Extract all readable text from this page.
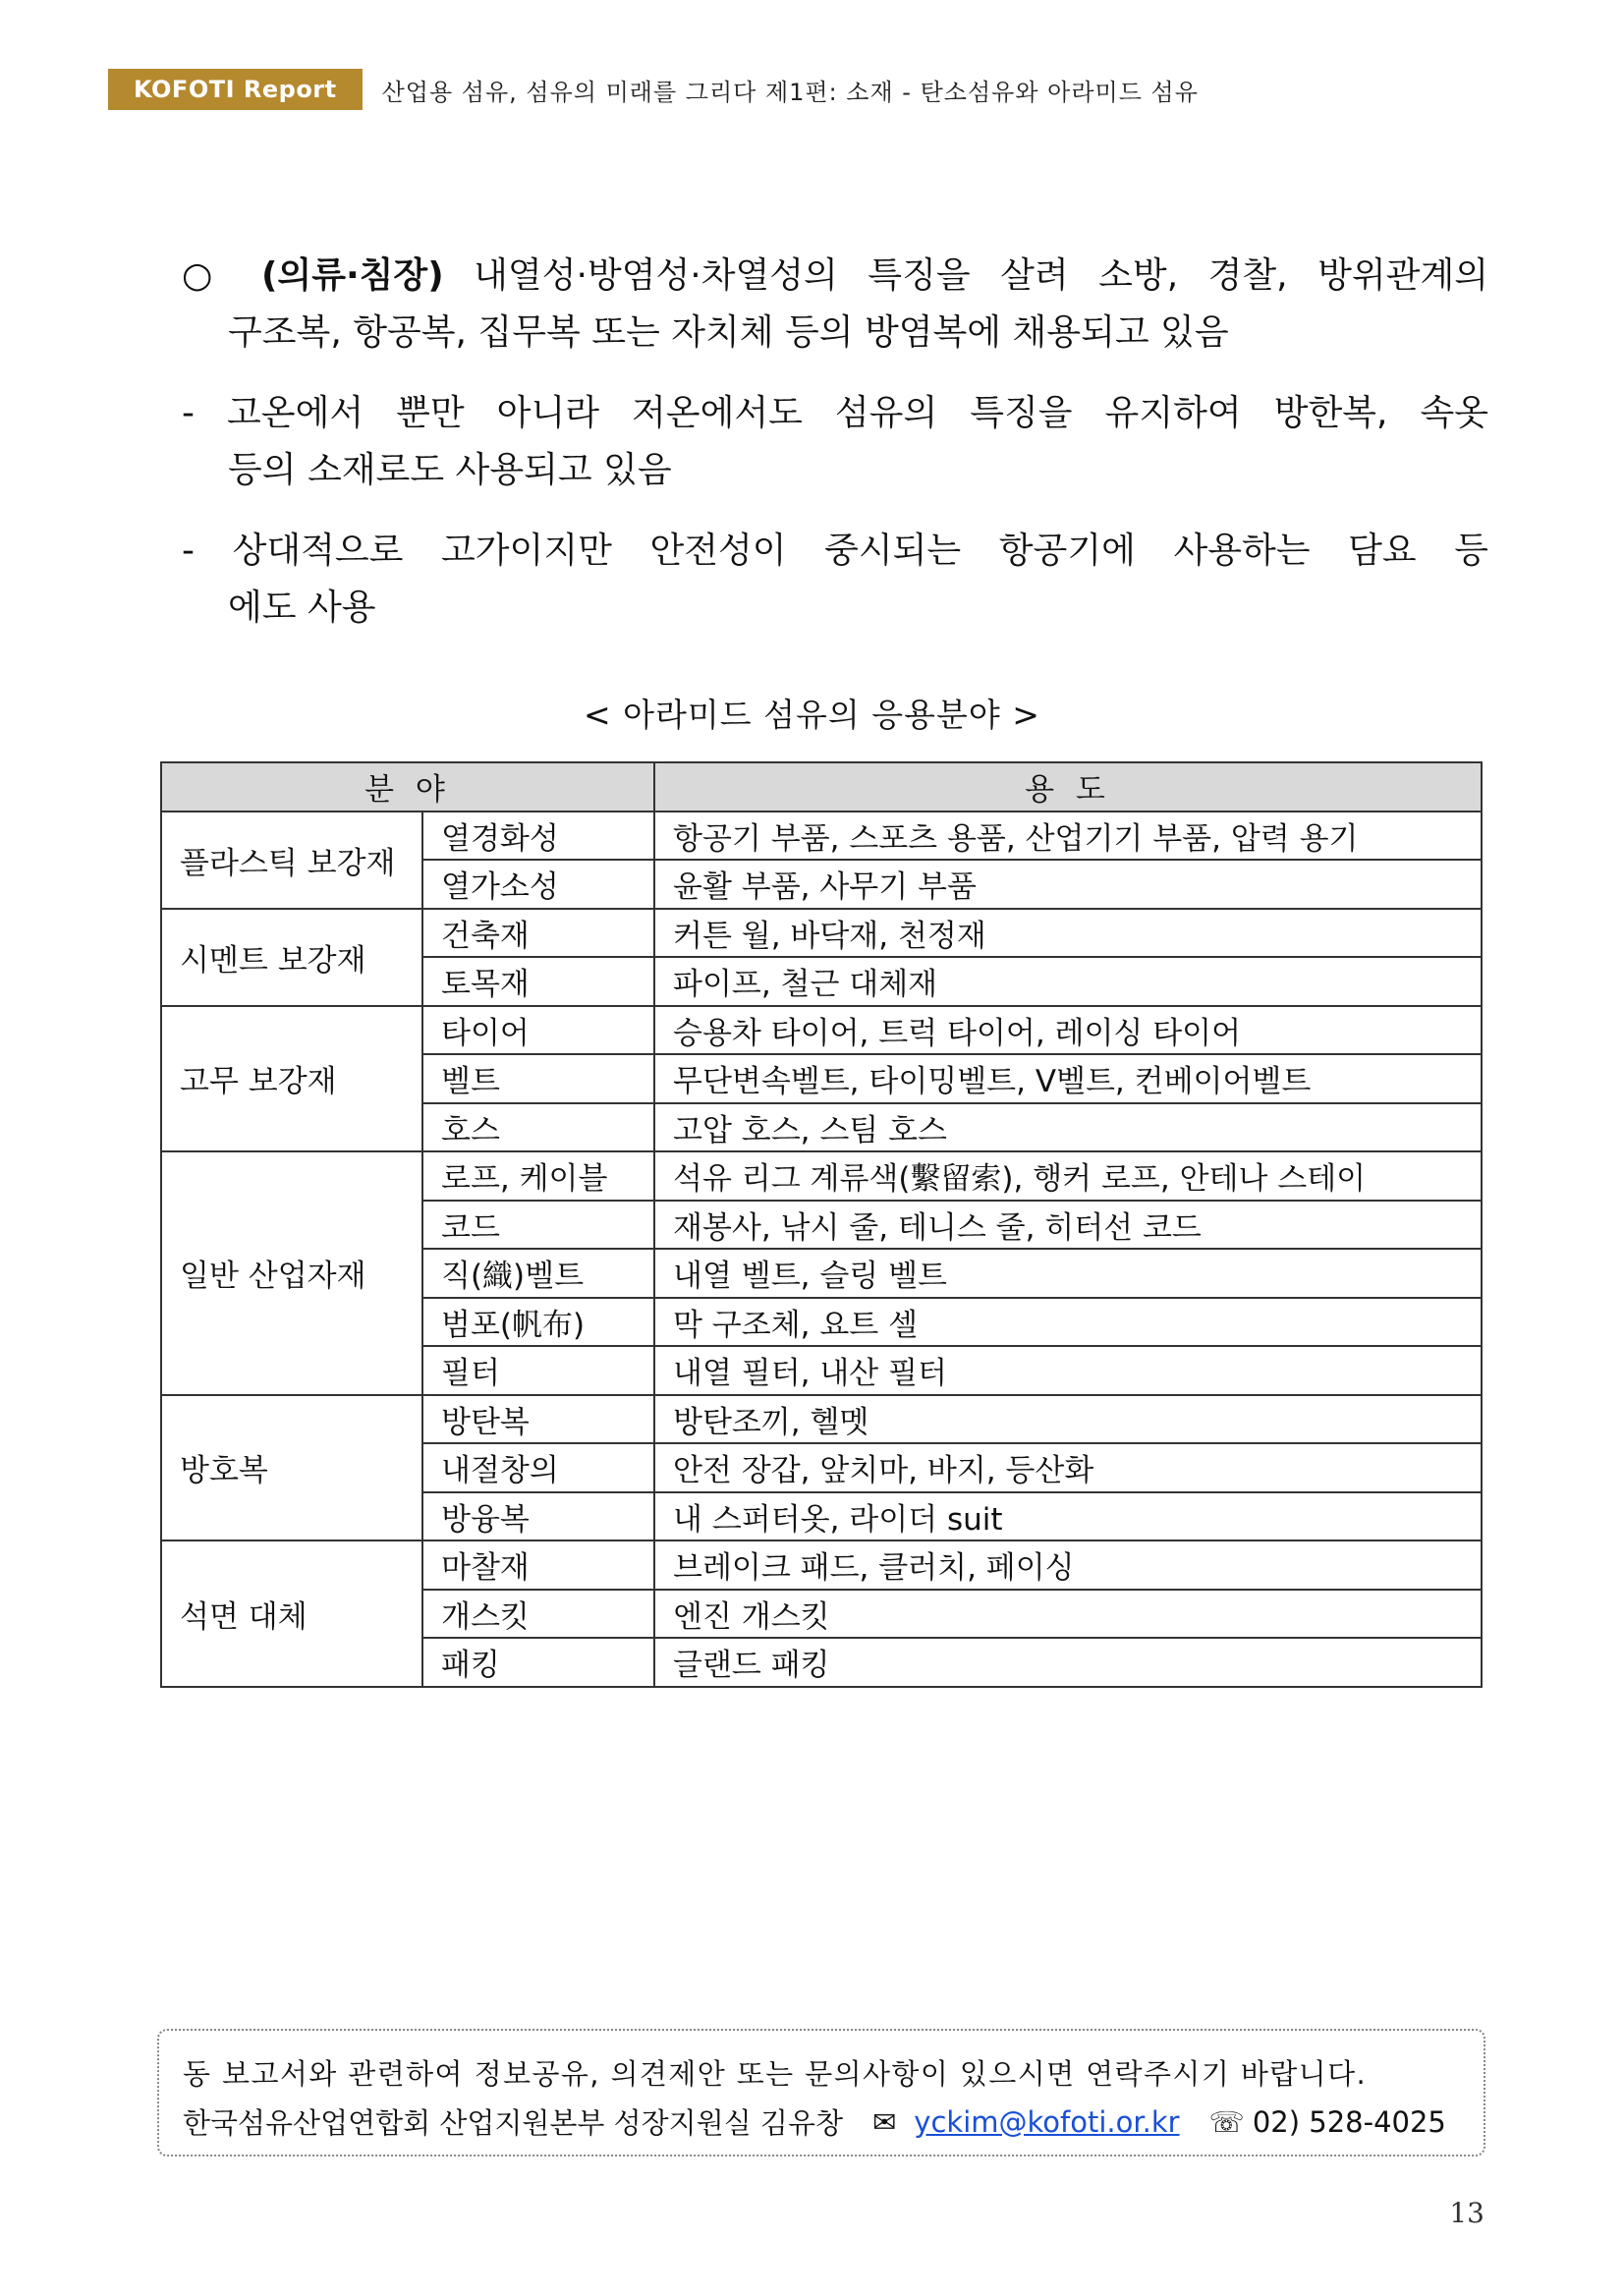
KOFOTI Report	산업용 섬유, 섬유의 미래를 그리다 제1편: 소재 - 탄소섬유와 아라미드 섬유
○ (의류·침장) 내열성·방염성·차열성의 특징을 살려 소방, 경찰, 방위관계의
구조복, 항공복, 집무복 또는 자치체 등의 방염복에 채용되고 있음
- 고온에서 뿐만 아니라 저온에서도 섬유의 특징을 유지하여 방한복, 속옷
등의 소재로도 사용되고 있음
- 상대적으로 고가이지만 안전성이 중시되는 항공기에 사용하는 담요 등
에도 사용
< 아라미드 섬유의 응용분야 >
분 야		용 도
플라스틱 보강재	열경화성	항공기 부품, 스포츠 용품, 산업기기 부품, 압력 용기
	열가소성	윤활 부품, 사무기 부품
시멘트 보강재	건축재	커튼 월, 바닥재, 천정재
	토목재	파이프, 철근 대체재
고무 보강재	타이어	승용차 타이어, 트럭 타이어, 레이싱 타이어
	벨트	무단변속벨트, 타이밍벨트, V벨트, 컨베이어벨트
	호스	고압 호스, 스팀 호스
일반 산업자재	로프, 케이블	석유 리그 계류색(繫留索), 행커 로프, 안테나 스테이
	코드	재봉사, 낚시 줄, 테니스 줄, 히터선 코드
	직(織)벨트	내열 벨트, 슬링 벨트
	범포(帆布)	막 구조체, 요트 셀
	필터	내열 필터, 내산 필터
방호복	방탄복	방탄조끼, 헬멧
	내절창의	안전 장갑, 앞치마, 바지, 등산화
	방융복	내 스퍼터옷, 라이더 suit
석면 대체	마찰재	브레이크 패드, 클러치, 페이싱
	개스킷	엔진 개스킷
	패킹	글랜드 패킹
동 보고서와 관련하여 정보공유, 의견제안 또는 문의사항이 있으시면 연락주시기 바랍니다.
한국섬유산업연합회 산업지원본부 성장지원실 김유창 ✉ yckim@kofoti.or.kr ☏ 02) 528-4025
13
